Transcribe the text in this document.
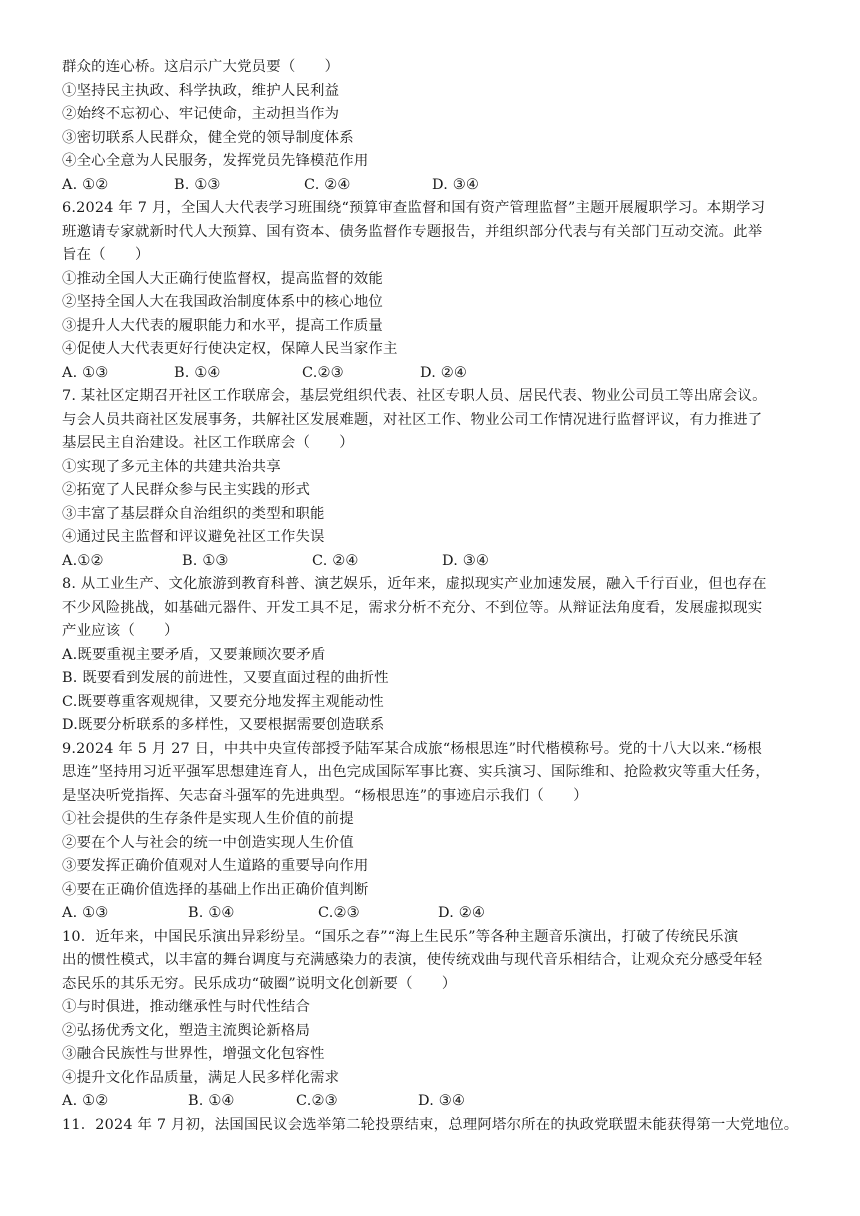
群众的连心桥。这启示广大党员要（　　）
①坚持民主执政、科学执政，维护人民利益
②始终不忘初心、牢记使命，主动担当作为
③密切联系人民群众，健全党的领导制度体系
④全心全意为人民服务，发挥党员先锋模范作用
A. ①②	B. ①③	C. ②④	D. ③④
6.2024 年 7 月，全国人大代表学习班围绕“预算审查监督和国有资产管理监督”主题开展履职学习。本期学习
班邀请专家就新时代人大预算、国有资本、债务监督作专题报告，并组织部分代表与有关部门互动交流。此举
旨在（　　）
①推动全国人大正确行使监督权，提高监督的效能
②坚持全国人大在我国政治制度体系中的核心地位
③提升人大代表的履职能力和水平，提高工作质量
④促使人大代表更好行使决定权，保障人民当家作主
A. ①③	B. ①④	C.②③	D. ②④
7. 某社区定期召开社区工作联席会，基层党组织代表、社区专职人员、居民代表、物业公司员工等出席会议。
与会人员共商社区发展事务，共解社区发展难题，对社区工作、物业公司工作情况进行监督评议，有力推进了
基层民主自治建设。社区工作联席会（　　）
①实现了多元主体的共建共治共享
②拓宽了人民群众参与民主实践的形式
③丰富了基层群众自治组织的类型和职能
④通过民主监督和评议避免社区工作失误
A.①②	B. ①③	C. ②④	D. ③④
8. 从工业生产、文化旅游到教育科普、演艺娱乐，近年来，虚拟现实产业加速发展，融入千行百业，但也存在
不少风险挑战，如基础元器件、开发工具不足，需求分析不充分、不到位等。从辩证法角度看，发展虚拟现实
产业应该（　　）
A.既要重视主要矛盾，又要兼顾次要矛盾
B. 既要看到发展的前进性，又要直面过程的曲折性
C.既要尊重客观规律，又要充分地发挥主观能动性
D.既要分析联系的多样性，又要根据需要创造联系
9.2024 年 5 月 27 日，中共中央宣传部授予陆军某合成旅“杨根思连”时代楷模称号。党的十八大以来.“杨根
思连”坚持用习近平强军思想建连育人，出色完成国际军事比赛、实兵演习、国际维和、抢险救灾等重大任务，
是坚决听党指挥、矢志奋斗强军的先进典型。“杨根思连”的事迹启示我们（　　）
①社会提供的生存条件是实现人生价值的前提
②要在个人与社会的统一中创造实现人生价值
③要发挥正确价值观对人生道路的重要导向作用
④要在正确价值选择的基础上作出正确价值判断
A. ①③	B. ①④	C.②③	D. ②④
10．近年来，中国民乐演出异彩纷呈。“国乐之春”“海上生民乐”等各种主题音乐演出，打破了传统民乐演
出的惯性模式，以丰富的舞台调度与充满感染力的表演，使传统戏曲与现代音乐相结合，让观众充分感受年轻
态民乐的其乐无穷。民乐成功“破圈”说明文化创新要（　　）
①与时俱进，推动继承性与时代性结合
②弘扬优秀文化，塑造主流舆论新格局
③融合民族性与世界性，增强文化包容性
④提升文化作品质量，满足人民多样化需求
A. ①②	B. ①④	C.②③	D. ③④
11．2024 年 7 月初，法国国民议会选举第二轮投票结束，总理阿塔尔所在的执政党联盟未能获得第一大党地位。
